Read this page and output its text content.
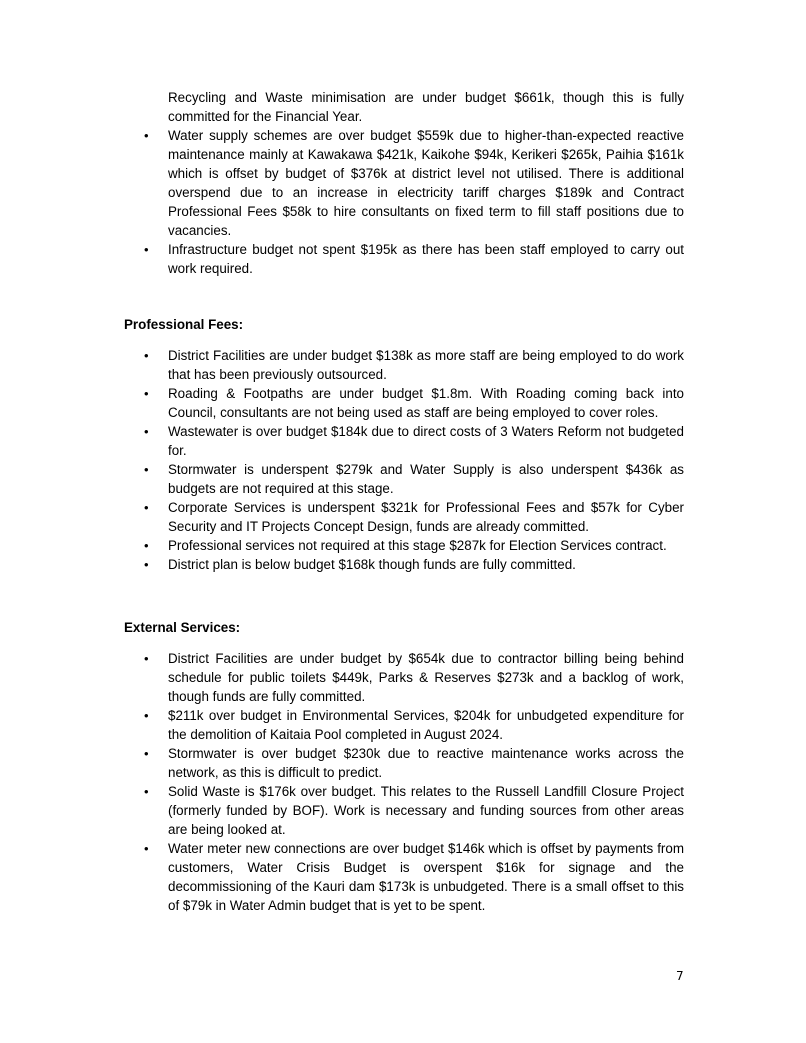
Recycling and Waste minimisation are under budget $661k, though this is fully committed for the Financial Year.

• Water supply schemes are over budget $559k due to higher-than-expected reactive maintenance mainly at Kawakawa $421k, Kaikohe $94k, Kerikeri $265k, Paihia $161k which is offset by budget of $376k at district level not utilised. There is additional overspend due to an increase in electricity tariff charges $189k and Contract Professional Fees $58k to hire consultants on fixed term to fill staff positions due to vacancies.
• Infrastructure budget not spent $195k as there has been staff employed to carry out work required.
Professional Fees:
• District Facilities are under budget $138k as more staff are being employed to do work that has been previously outsourced.
• Roading & Footpaths are under budget $1.8m. With Roading coming back into Council, consultants are not being used as staff are being employed to cover roles.
• Wastewater is over budget $184k due to direct costs of 3 Waters Reform not budgeted for.
• Stormwater is underspent $279k and Water Supply is also underspent $436k as budgets are not required at this stage.
• Corporate Services is underspent $321k for Professional Fees and $57k for Cyber Security and IT Projects Concept Design, funds are already committed.
• Professional services not required at this stage $287k for Election Services contract.
• District plan is below budget $168k though funds are fully committed.
External Services:
• District Facilities are under budget by $654k due to contractor billing being behind schedule for public toilets $449k, Parks & Reserves $273k and a backlog of work, though funds are fully committed.
• $211k over budget in Environmental Services, $204k for unbudgeted expenditure for the demolition of Kaitaia Pool completed in August 2024.
• Stormwater is over budget $230k due to reactive maintenance works across the network, as this is difficult to predict.
• Solid Waste is $176k over budget. This relates to the Russell Landfill Closure Project (formerly funded by BOF). Work is necessary and funding sources from other areas are being looked at.
• Water meter new connections are over budget $146k which is offset by payments from customers, Water Crisis Budget is overspent $16k for signage and the decommissioning of the Kauri dam $173k is unbudgeted. There is a small offset to this of $79k in Water Admin budget that is yet to be spent.
7
